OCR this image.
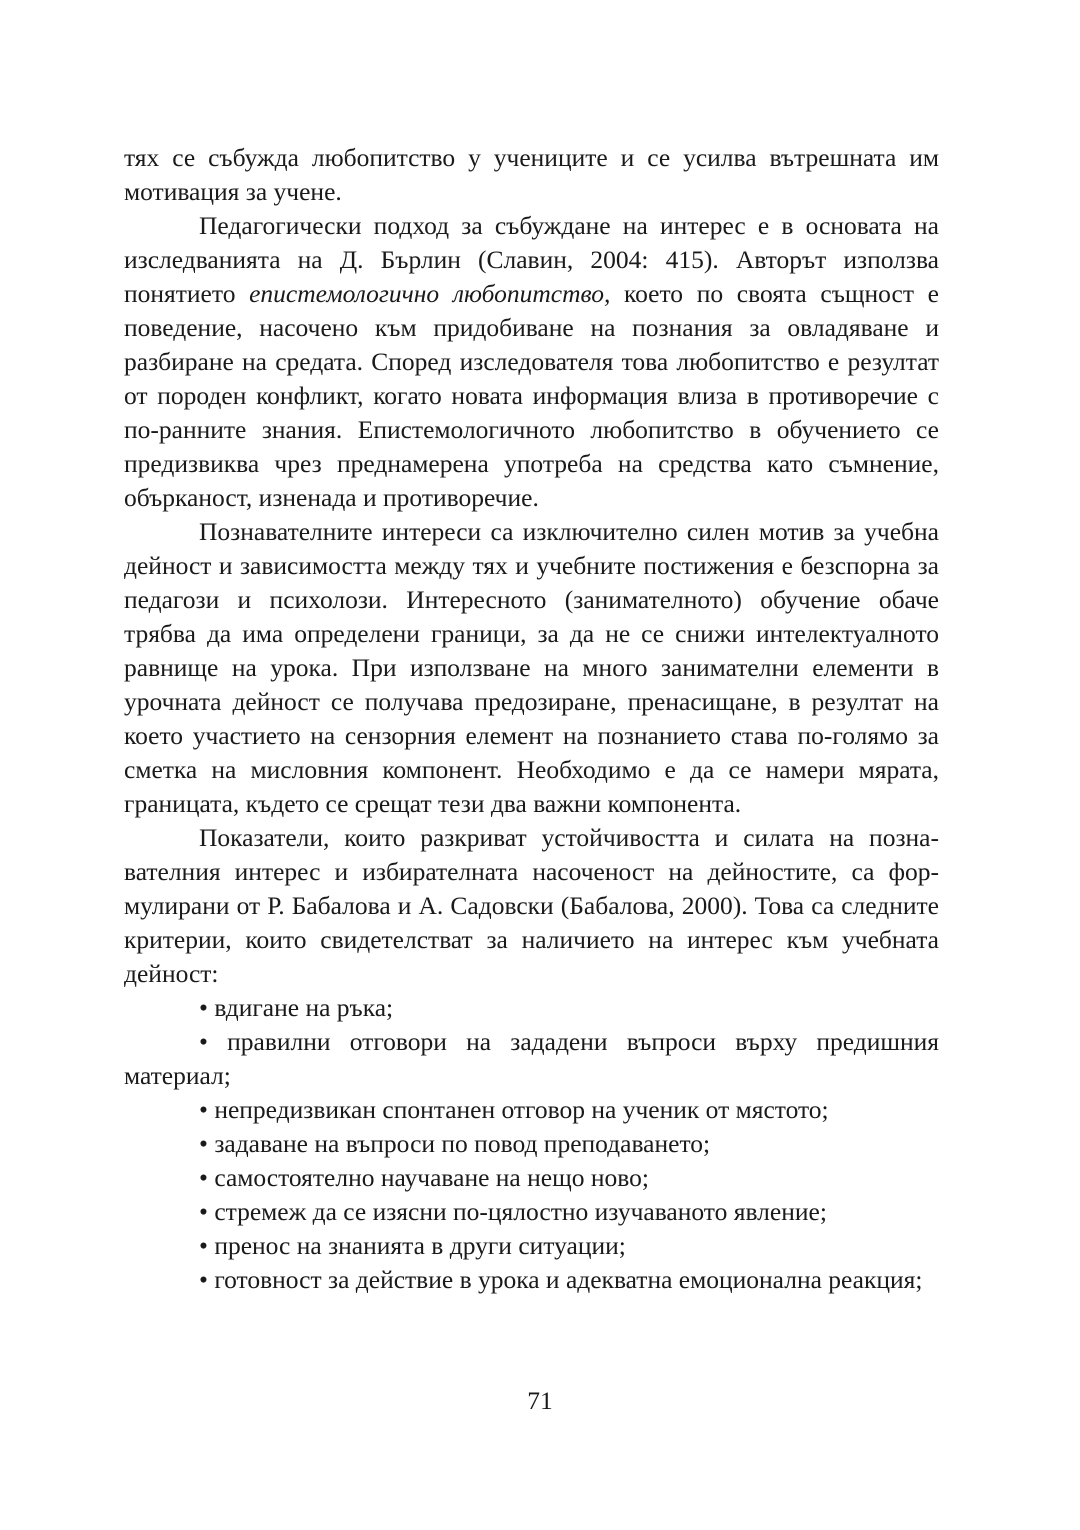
тях се събужда любопитство у учениците и се усилва вътрешната им мотивация за учене.

Педагогически подход за събуждане на интерес е в основата на изследванията на Д. Бърлин (Славин, 2004: 415). Авторът използва понятието епистемологично любопитство, което по своята същност е поведение, насочено към придобиване на познания за овладяване и разбиране на средата. Според изследователя това любопитство е резултат от породен конфликт, когато новата информация влиза в противоречие с по-ранните знания. Епистемологичното любопитство в обучението се предизвиква чрез преднамерена употреба на средства като съмнение, обърканост, изненада и противоречие.

Познавателните интереси са изключително силен мотив за учебна дейност и зависимостта между тях и учебните постижения е безспорна за педагози и психолози. Интересното (занимателното) обучение обаче трябва да има определени граници, за да не се снижи интелектуалното равнище на урока. При използване на много занимателни елементи в урочната дейност се получава предозиране, пренасищане, в резултат на което участието на сензорния елемент на познанието става по-голямо за сметка на мисловния компонент. Необходимо е да се намери мярата, границата, където се срещат тези два важни компонента.

Показатели, които разкриват устойчивостта и силата на познавателния интерес и избирателната насоченост на дейностите, са формулирани от Р. Бабалова и А. Садовски (Бабалова, 2000). Това са следните критерии, които свидетелстват за наличието на интерес към учебната дейност:

• вдигане на ръка;

• правилни отговори на зададени въпроси върху предишния материал;

• непредизвикан спонтанен отговор на ученик от мястото;

• задаване на въпроси по повод преподаването;

• самостоятелно научаване на нещо ново;

• стремеж да се изясни по-цялостно изучаваното явление;

• пренос на знанията в други ситуации;

• готовност за действие в урока и адекватна емоционална реакция;

71
